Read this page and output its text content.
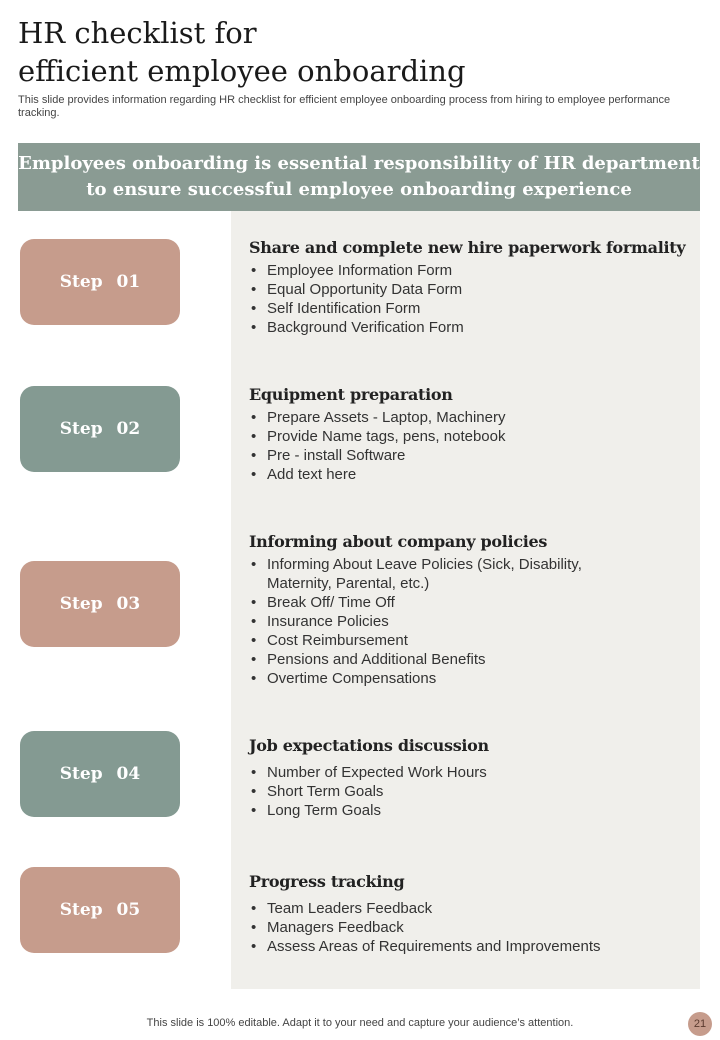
HR checklist for
efficient employee onboarding
This slide provides information regarding HR checklist for efficient employee onboarding process from hiring to employee performance tracking.
Employees onboarding is essential responsibility of HR department
to ensure successful employee onboarding experience
Step 01
Step 02
Step 03
Step 04
Step 05
Share and complete new hire paperwork formality
• Employee Information Form
• Equal Opportunity Data Form
• Self Identification Form
• Background Verification Form
Equipment preparation
• Prepare Assets - Laptop, Machinery
• Provide Name tags, pens, notebook
• Pre - install Software
• Add text here
Informing about company policies
• Informing About Leave Policies (Sick, Disability, Maternity, Parental, etc.)
• Break Off/ Time Off
• Insurance Policies
• Cost Reimbursement
• Pensions and Additional Benefits
• Overtime Compensations
Job expectations discussion
• Number of Expected Work Hours
• Short Term Goals
• Long Term Goals
Progress tracking
• Team Leaders Feedback
• Managers Feedback
• Assess Areas of Requirements and Improvements
This slide is 100% editable. Adapt it to your need and capture your audience’s attention.	21
